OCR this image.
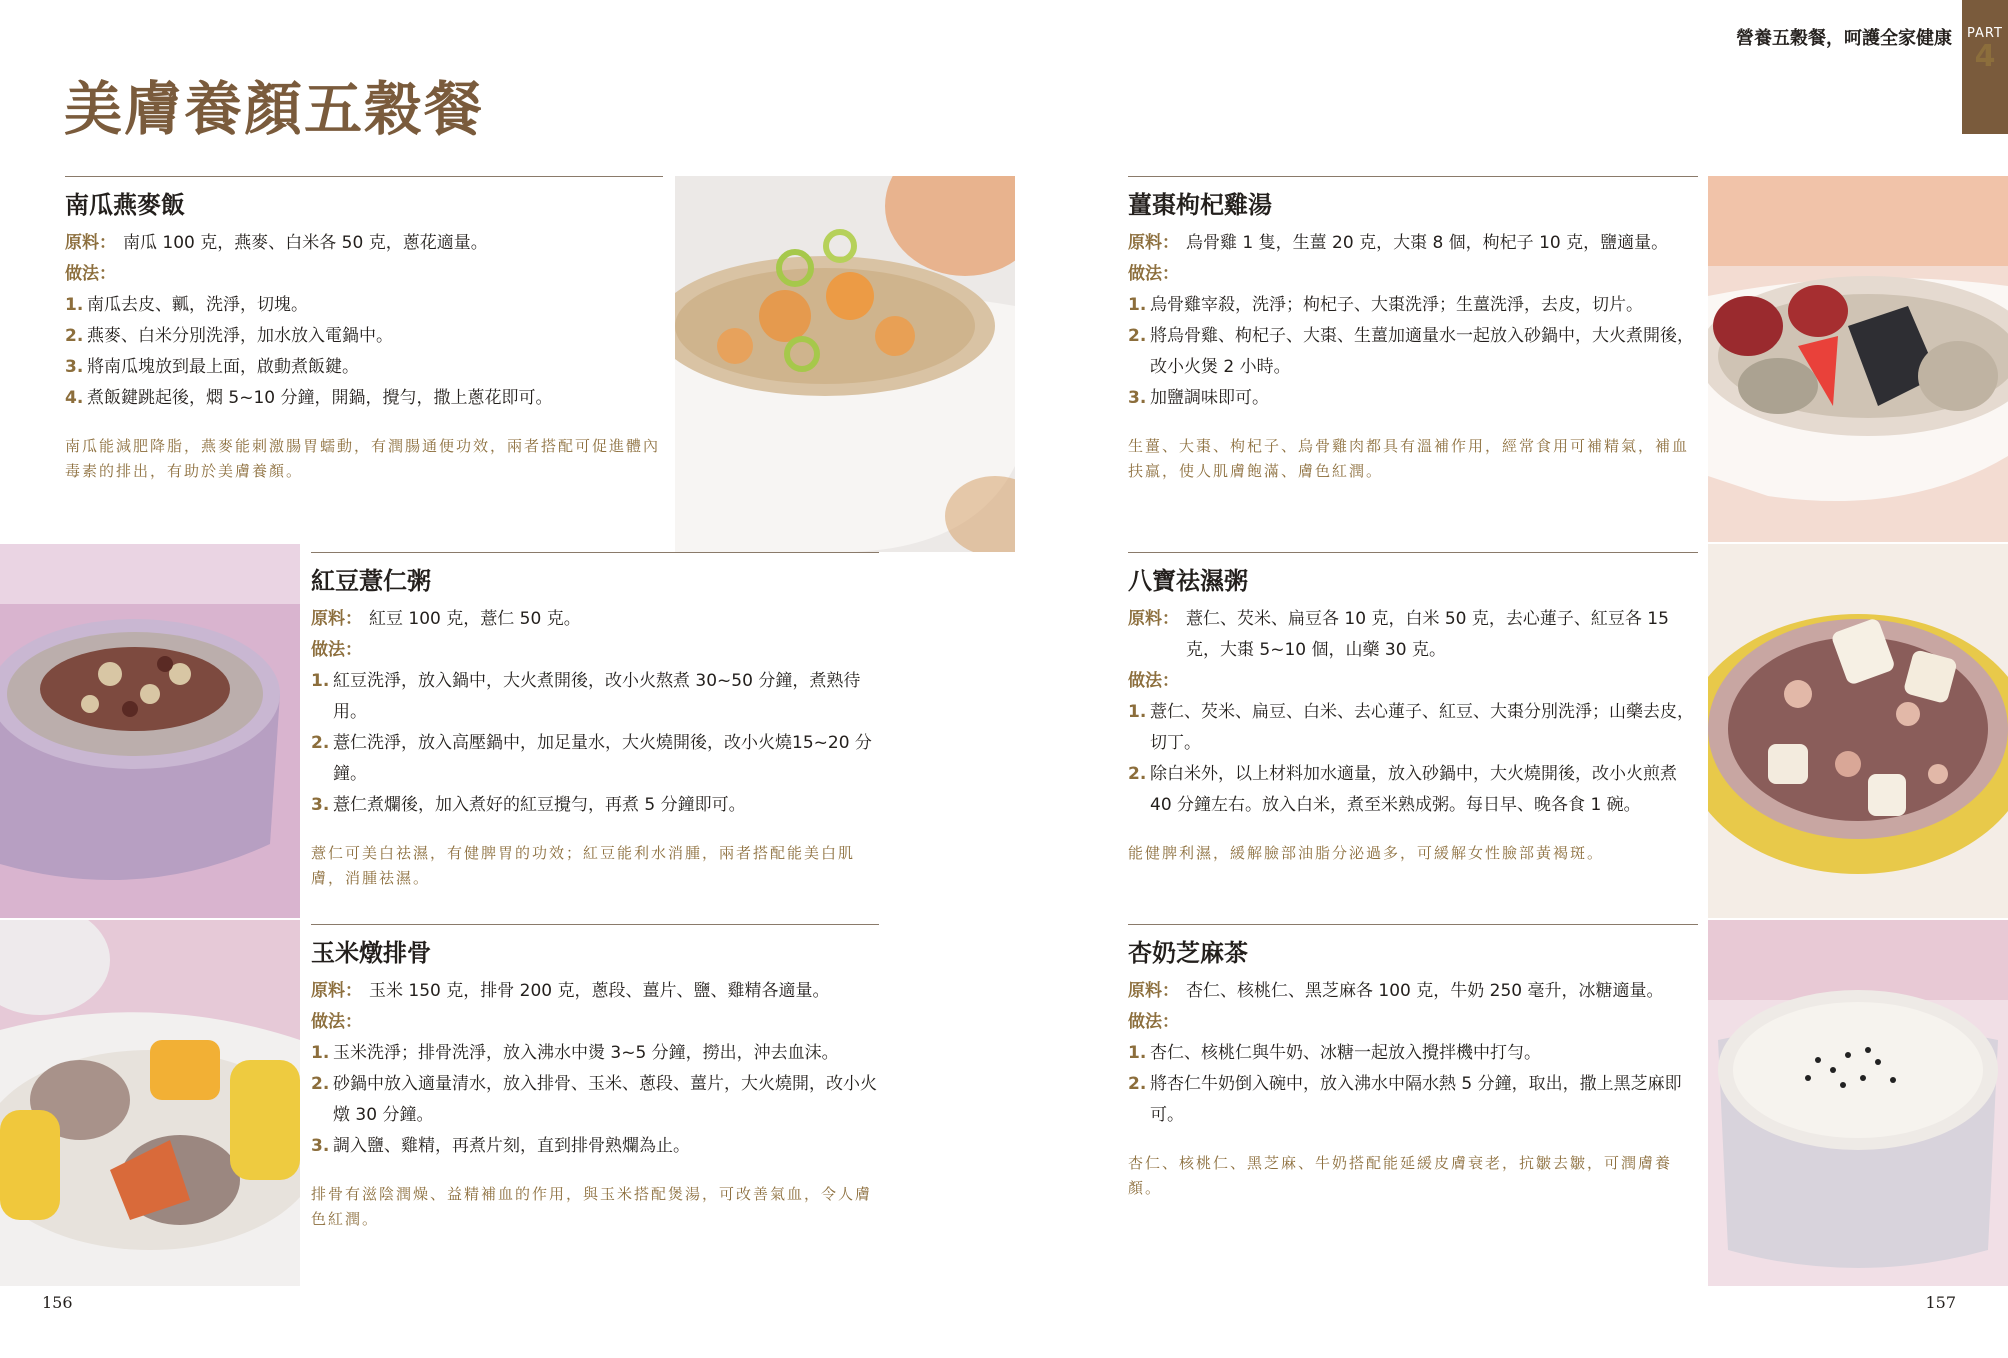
營養五穀餐，呵護全家健康	PART
4
美膚養顏五穀餐
南瓜燕麥飯
原料： 南瓜 100 克，燕麥、白米各 50 克，蔥花適量。
做法：
1. 南瓜去皮、瓤，洗淨，切塊。
2. 燕麥、白米分別洗淨，加水放入電鍋中。
3. 將南瓜塊放到最上面，啟動煮飯鍵。
4. 煮飯鍵跳起後，燜 5~10 分鐘，開鍋，攪勻，撒上蔥花即可。
南瓜能減肥降脂，燕麥能刺激腸胃蠕動，有潤腸通便功效，兩者搭配可促進體內毒素的排出，有助於美膚養顏。
紅豆薏仁粥
原料： 紅豆 100 克，薏仁 50 克。
做法：
1. 紅豆洗淨，放入鍋中，大火煮開後，改小火熬煮 30~50 分鐘，煮熟待用。
2. 薏仁洗淨，放入高壓鍋中，加足量水，大火燒開後，改小火燒15~20 分鐘。
3. 薏仁煮爛後，加入煮好的紅豆攪勻，再煮 5 分鐘即可。
薏仁可美白祛濕，有健脾胃的功效；紅豆能利水消腫，兩者搭配能美白肌膚，消腫祛濕。
玉米燉排骨
原料： 玉米 150 克，排骨 200 克，蔥段、薑片、鹽、雞精各適量。
做法：
1. 玉米洗淨；排骨洗淨，放入沸水中燙 3~5 分鐘，撈出，沖去血沫。
2. 砂鍋中放入適量清水，放入排骨、玉米、蔥段、薑片，大火燒開，改小火燉 30 分鐘。
3. 調入鹽、雞精，再煮片刻，直到排骨熟爛為止。
排骨有滋陰潤燥、益精補血的作用，與玉米搭配煲湯，可改善氣血，令人膚色紅潤。
薑棗枸杞雞湯
原料： 烏骨雞 1 隻，生薑 20 克，大棗 8 個，枸杞子 10 克，鹽適量。
做法：
1. 烏骨雞宰殺，洗淨；枸杞子、大棗洗淨；生薑洗淨，去皮，切片。
2. 將烏骨雞、枸杞子、大棗、生薑加適量水一起放入砂鍋中，大火煮開後，改小火煲 2 小時。
3. 加鹽調味即可。
生薑、大棗、枸杞子、烏骨雞肉都具有溫補作用，經常食用可補精氣，補血扶羸，使人肌膚飽滿、膚色紅潤。
八寶祛濕粥
原料： 薏仁、芡米、扁豆各 10 克，白米 50 克，去心蓮子、紅豆各 15 克，大棗 5~10 個，山藥 30 克。
做法：
1. 薏仁、芡米、扁豆、白米、去心蓮子、紅豆、大棗分別洗淨；山藥去皮，切丁。
2. 除白米外，以上材料加水適量，放入砂鍋中，大火燒開後，改小火煎煮 40 分鐘左右。放入白米，煮至米熟成粥。每日早、晚各食 1 碗。
能健脾利濕，緩解臉部油脂分泌過多，可緩解女性臉部黃褐斑。
杏奶芝麻茶
原料： 杏仁、核桃仁、黑芝麻各 100 克，牛奶 250 毫升，冰糖適量。
做法：
1. 杏仁、核桃仁與牛奶、冰糖一起放入攪拌機中打勻。
2. 將杏仁牛奶倒入碗中，放入沸水中隔水熱 5 分鐘，取出，撒上黑芝麻即可。
杏仁、核桃仁、黑芝麻、牛奶搭配能延緩皮膚衰老，抗皺去皺，可潤膚養顏。
156	157
